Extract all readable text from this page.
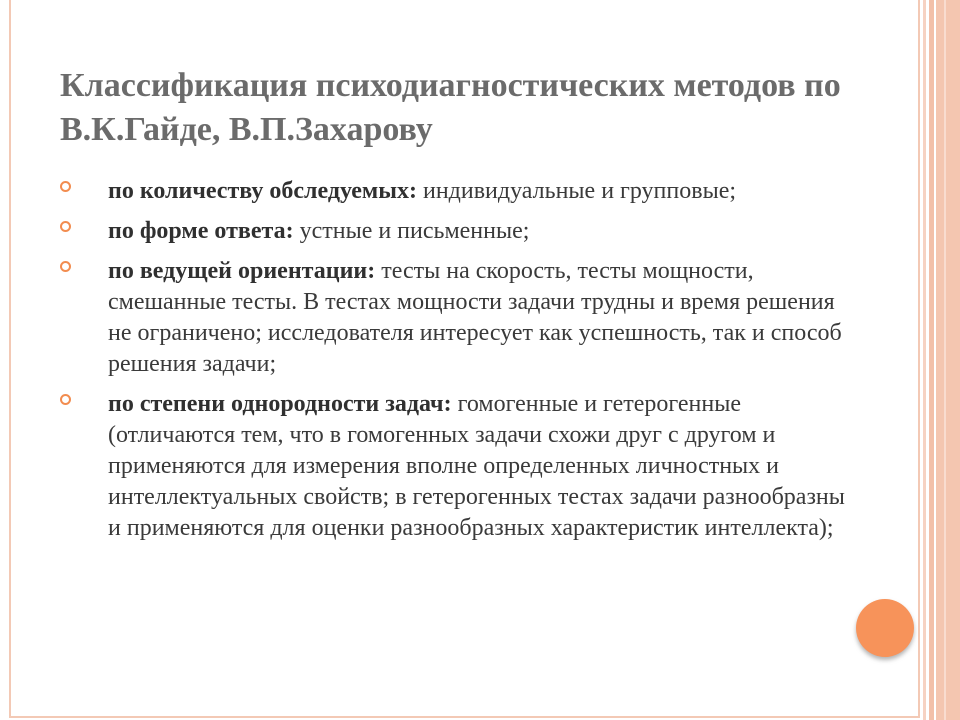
Классификация психодиагностических методов по В.К.Гайде, В.П.Захарову
по количеству обследуемых: индивидуальные и групповые;
по форме ответа: устные и письменные;
по ведущей ориентации: тесты на скорость, тесты мощности, смешанные тесты. В тестах мощности задачи трудны и время решения не ограничено; исследователя интересует как успешность, так и способ решения задачи;
по степени однородности задач: гомогенные и гетерогенные (отличаются тем, что в гомогенных задачи схожи друг с другом и применяются для измерения вполне определенных личностных и интеллектуальных свойств; в гетерогенных тестах задачи разнообразны и применяются для оценки разнообразных характеристик интеллекта);
